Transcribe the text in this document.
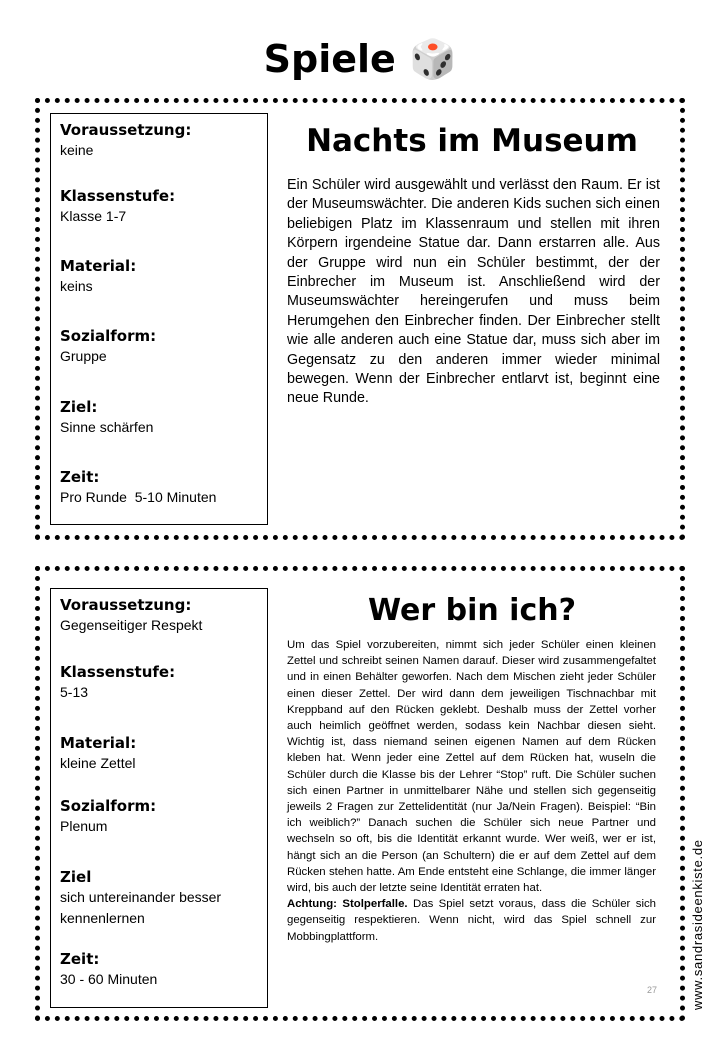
Spiele 🎲
Voraussetzung:
keine
Klassenstufe:
Klasse 1-7
Material:
keins
Sozialform:
Gruppe
Ziel:
Sinne schärfen
Zeit:
Pro Runde  5-10 Minuten
Nachts im Museum
Ein Schüler wird ausgewählt und verlässt den Raum. Er ist der Museumswächter. Die anderen Kids suchen sich einen beliebigen Platz im Klassenraum und stellen mit ihren Körpern irgendeine Statue dar. Dann erstarren alle. Aus der Gruppe wird nun ein Schüler bestimmt, der der Einbrecher im Museum ist. Anschließend wird der Museumswächter hereingerufen und muss beim Herumgehen den Einbrecher finden. Der Einbrecher stellt wie alle anderen auch eine Statue dar, muss sich aber im Gegensatz zu den anderen immer wieder minimal bewegen. Wenn der Einbrecher entlarvt ist, beginnt eine neue Runde.
Voraussetzung:
Gegenseitiger Respekt
Klassenstufe:
5-13
Material:
kleine Zettel
Sozialform:
Plenum
Ziel
sich untereinander besser kennenlernen
Zeit:
30 - 60 Minuten
Wer bin ich?
Um das Spiel vorzubereiten, nimmt sich jeder Schüler einen kleinen Zettel und schreibt seinen Namen darauf. Dieser wird zusammengefaltet und in einen Behälter geworfen. Nach dem Mischen zieht jeder Schüler einen dieser Zettel. Der wird dann dem jeweiligen Tischnachbar mit Kreppband auf den Rücken geklebt. Deshalb muss der Zettel vorher auch heimlich geöffnet werden, sodass kein Nachbar diesen sieht. Wichtig ist, dass niemand seinen eigenen Namen auf dem Rücken kleben hat. Wenn jeder eine Zettel auf dem Rücken hat, wuseln die Schüler durch die Klasse bis der Lehrer “Stop” ruft. Die Schüler suchen sich einen Partner in unmittelbarer Nähe und stellen sich gegenseitig jeweils 2 Fragen zur Zettelidentität (nur Ja/Nein Fragen). Beispiel: “Bin ich weiblich?” Danach suchen die Schüler sich neue Partner und wechseln so oft, bis die Identität erkannt wurde. Wer weiß, wer er ist, hängt sich an die Person (an Schultern) die er auf dem Zettel auf dem Rücken stehen hatte. Am Ende entsteht eine Schlange, die immer länger wird, bis auch der letzte seine Identität erraten hat.
Achtung: Stolperfalle. Das Spiel setzt voraus, dass die Schüler sich gegenseitig respektieren. Wenn nicht, wird das Spiel schnell zur Mobbingplattform.
27	www.sandrasideenkiste.de
